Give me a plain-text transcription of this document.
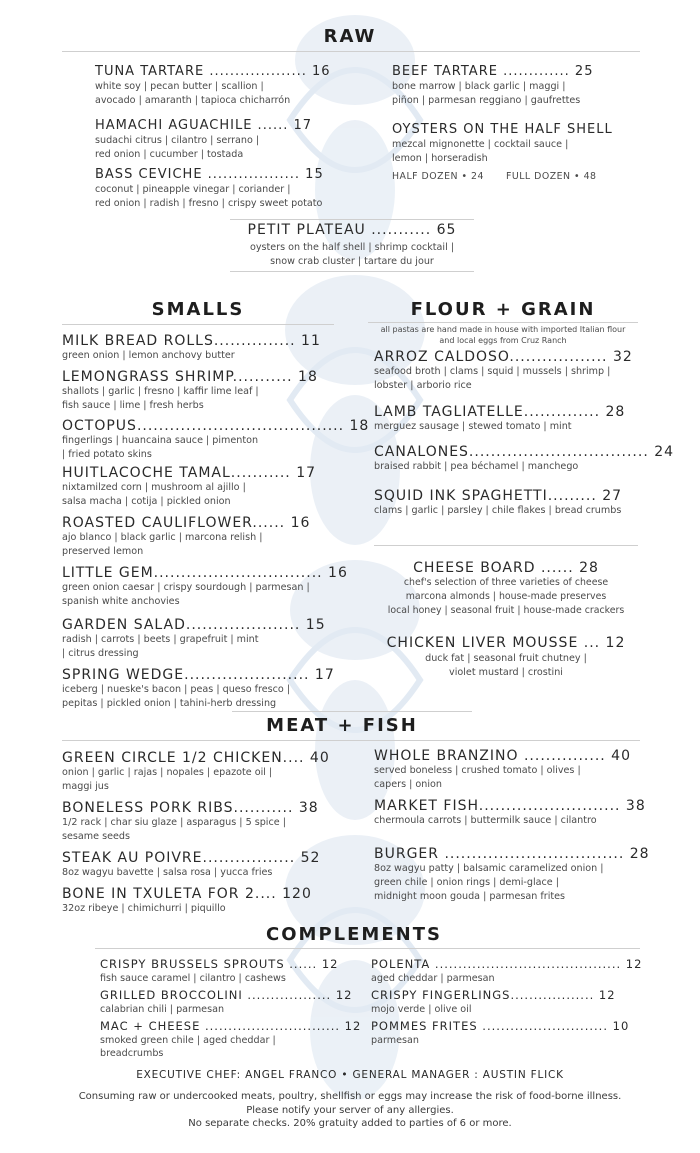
RAW
TUNA TARTARE ................... 16
white soy | pecan butter | scallion |
avocado | amaranth | tapioca chicharrón
HAMACHI AGUACHILE ...... 17
sudachi citrus | cilantro | serrano |
red onion | cucumber | tostada
BASS CEVICHE .................. 15
coconut | pineapple vinegar | coriander |
red onion | radish | fresno | crispy sweet potato
BEEF TARTARE ............. 25
bone marrow | black garlic | maggi |
piñon | parmesan reggiano | gaufrettes
OYSTERS ON THE HALF SHELL
mezcal mignonette | cocktail sauce |
lemon | horseradish
HALF DOZEN • 24 FULL DOZEN • 48
PETIT PLATEAU ........... 65
oysters on the half shell | shrimp cocktail |
snow crab cluster | tartare du jour
SMALLS
MILK BREAD ROLLS............... 11
green onion | lemon anchovy butter
LEMONGRASS SHRIMP........... 18
shallots | garlic | fresno | kaffir lime leaf |
fish sauce | lime | fresh herbs
OCTOPUS...................................... 18
fingerlings | huancaina sauce | pimenton
| fried potato skins
HUITLACOCHE TAMAL........... 17
nixtamilzed corn | mushroom al ajillo |
salsa macha | cotija | pickled onion
ROASTED CAULIFLOWER...... 16
ajo blanco | black garlic | marcona relish |
preserved lemon
LITTLE GEM............................... 16
green onion caesar | crispy sourdough | parmesan |
spanish white anchovies
GARDEN SALAD..................... 15
radish | carrots | beets | grapefruit | mint
| citrus dressing
SPRING WEDGE....................... 17
iceberg | nueske's bacon | peas | queso fresco |
pepitas | pickled onion | tahini-herb dressing
FLOUR + GRAIN
all pastas are hand made in house with imported Italian flour
and local eggs from Cruz Ranch
ARROZ CALDOSO.................. 32
seafood broth | clams | squid | mussels | shrimp |
lobster | arborio rice
LAMB TAGLIATELLE.............. 28
merguez sausage | stewed tomato | mint
CANALONES................................. 24
braised rabbit | pea béchamel | manchego
SQUID INK SPAGHETTI......... 27
clams | garlic | parsley | chile flakes | bread crumbs
CHEESE BOARD ...... 28
chef's selection of three varieties of cheese
marcona almonds | house-made preserves
local honey | seasonal fruit | house-made crackers
CHICKEN LIVER MOUSSE ... 12
duck fat | seasonal fruit chutney |
violet mustard | crostini
MEAT + FISH
GREEN CIRCLE 1/2 CHICKEN.... 40
onion | garlic | rajas | nopales | epazote oil |
maggi jus
BONELESS PORK RIBS........... 38
1/2 rack | char siu glaze | asparagus | 5 spice |
sesame seeds
STEAK AU POIVRE................. 52
8oz wagyu bavette | salsa rosa | yucca fries
BONE IN TXULETA FOR 2.... 120
32oz ribeye | chimichurri | piquillo
WHOLE BRANZINO ............... 40
served boneless | crushed tomato | olives |
capers | onion
MARKET FISH.......................... 38
chermoula carrots | buttermilk sauce | cilantro
BURGER ................................. 28
8oz wagyu patty | balsamic caramelized onion |
green chile | onion rings | demi-glace |
midnight moon gouda | parmesan frites
COMPLEMENTS
CRISPY BRUSSELS SPROUTS ...... 12
fish sauce caramel | cilantro | cashews
GRILLED BROCCOLINI .................. 12
calabrian chili | parmesan
MAC + CHEESE ............................. 12
smoked green chile | aged cheddar |
breadcrumbs
POLENTA ........................................ 12
aged cheddar | parmesan
CRISPY FINGERLINGS.................. 12
mojo verde | olive oil
POMMES FRITES ........................... 10
parmesan
EXECUTIVE CHEF: ANGEL FRANCO • GENERAL MANAGER : AUSTIN FLICK
Consuming raw or undercooked meats, poultry, shellfish or eggs may increase the risk of food-borne illness.
Please notify your server of any allergies.
No separate checks. 20% gratuity added to parties of 6 or more.
